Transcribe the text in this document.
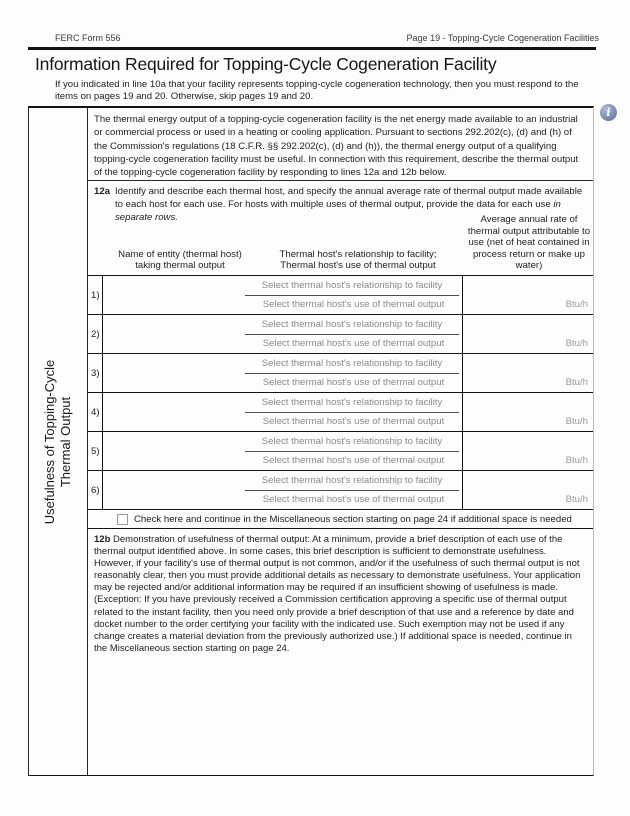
FERC Form 556	Page 19 - Topping-Cycle Cogeneration Facilities
Information Required for Topping-Cycle Cogeneration Facility

If you indicated in line 10a that your facility represents topping-cycle cogeneration technology, then you must respond to the items on pages 19 and 20. Otherwise, skip pages 19 and 20.

Usefulness of Topping-Cycle Thermal Output
The thermal energy output of a topping-cycle cogeneration facility is the net energy made available to an industrial or commercial process or used in a heating or cooling application. Pursuant to sections 292.202(c), (d) and (h) of the Commission's regulations (18 C.F.R. §§ 292.202(c), (d) and (h)), the thermal energy output of a qualifying topping-cycle cogeneration facility must be useful. In connection with this requirement, describe the thermal output of the topping-cycle cogeneration facility by responding to lines 12a and 12b below.
12a Identify and describe each thermal host, and specify the annual average rate of thermal output made available to each host for each use. For hosts with multiple uses of thermal output, provide the data for each use in separate rows.
Name of entity (thermal host) taking thermal output
Thermal host's relationship to facility; Thermal host's use of thermal output
Average annual rate of thermal output attributable to use (net of heat contained in process return or make up water)
1)
Select thermal host's relationship to facility
Select thermal host's use of thermal output	Btu/h
2)
Select thermal host's relationship to facility
Select thermal host's use of thermal output	Btu/h
3)
Select thermal host's relationship to facility
Select thermal host's use of thermal output	Btu/h
4)
Select thermal host's relationship to facility
Select thermal host's use of thermal output	Btu/h
5)
Select thermal host's relationship to facility
Select thermal host's use of thermal output	Btu/h
6)
Select thermal host's relationship to facility
Select thermal host's use of thermal output	Btu/h
Check here and continue in the Miscellaneous section starting on page 24 if additional space is needed
12b Demonstration of usefulness of thermal output: At a minimum, provide a brief description of each use of the thermal output identified above. In some cases, this brief description is sufficient to demonstrate usefulness. However, if your facility's use of thermal output is not common, and/or if the usefulness of such thermal output is not reasonably clear, then you must provide additional details as necessary to demonstrate usefulness. Your application may be rejected and/or additional information may be required if an insufficient showing of usefulness is made. (Exception: If you have previously received a Commission certification approving a specific use of thermal output related to the instant facility, then you need only provide a brief description of that use and a reference by date and docket number to the order certifying your facility with the indicated use. Such exemption may not be used if any change creates a material deviation from the previously authorized use.) If additional space is needed, continue in the Miscellaneous section starting on page 24.
i
